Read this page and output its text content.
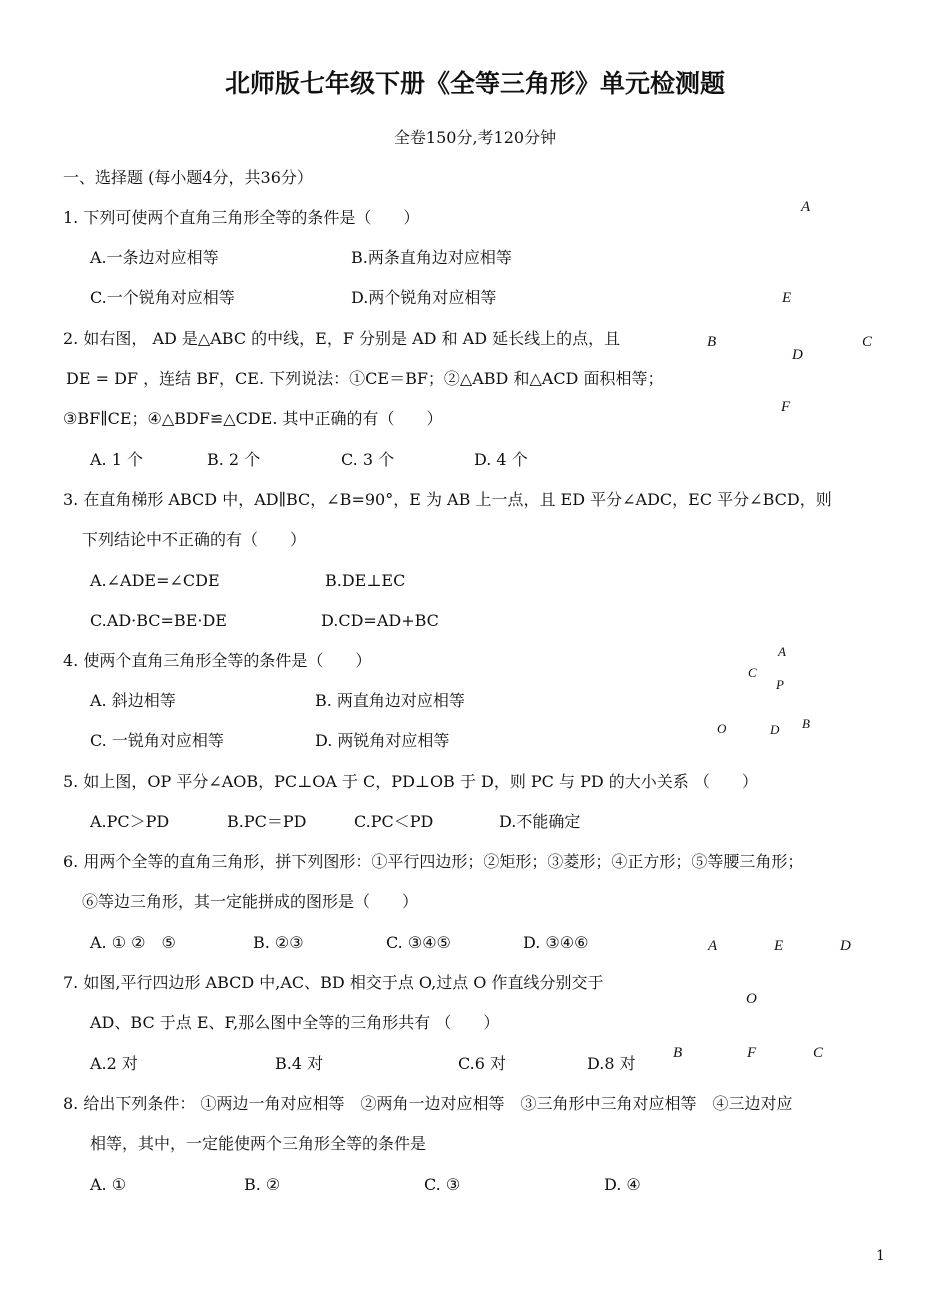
北师版七年级下册《全等三角形》单元检测题
全卷150分,考120分钟
一、选择题 (每小题4分，共36分）
1. 下列可使两个直角三角形全等的条件是（　　）
A.一条边对应相等	B.两条直角边对应相等
C.一个锐角对应相等	D.两个锐角对应相等
2. 如右图， AD 是△ABC 的中线，E，F 分别是 AD 和 AD 延长线上的点，且
DE = DF ，连结 BF，CE. 下列说法：①CE＝BF；②△ABD 和△ACD 面积相等；
③BF∥CE；④△BDF≌△CDE. 其中正确的有（　　）
A. 1 个	B. 2 个	C. 3 个	D. 4 个
3. 在直角梯形 ABCD 中，AD∥BC，∠B=90°，E 为 AB 上一点，且 ED 平分∠ADC，EC 平分∠BCD，则
下列结论中不正确的有（　　）
A.∠ADE=∠CDE	B.DE⊥EC
C.AD·BC=BE·DE	D.CD=AD+BC
4. 使两个直角三角形全等的条件是（　　）
A. 斜边相等	B. 两直角边对应相等
C. 一锐角对应相等	D. 两锐角对应相等
5. 如上图，OP 平分∠AOB，PC⊥OA 于 C，PD⊥OB 于 D，则 PC 与 PD 的大小关系 （　　）
A.PC＞PD	B.PC＝PD	C.PC＜PD	D.不能确定
6. 用两个全等的直角三角形，拼下列图形：①平行四边形；②矩形；③菱形；④正方形；⑤等腰三角形；
⑥等边三角形，其一定能拼成的图形是（　　）
A. ① ②　⑤	B. ②③	C. ③④⑤	D. ③④⑥
7. 如图,平行四边形 ABCD 中,AC、BD 相交于点 O,过点 O 作直线分别交于
AD、BC 于点 E、F,那么图中全等的三角形共有 （　　）
A.2 对	B.4 对	C.6 对	D.8 对
8. 给出下列条件： ①两边一角对应相等　②两角一边对应相等　③三角形中三角对应相等　④三边对应
相等，其中，一定能使两个三角形全等的条件是
A. ①	B. ②	C. ③	D. ④
A
E
B
D
C
F
A
C
P
O	D B
A	E	D
O
B	F	C
1
